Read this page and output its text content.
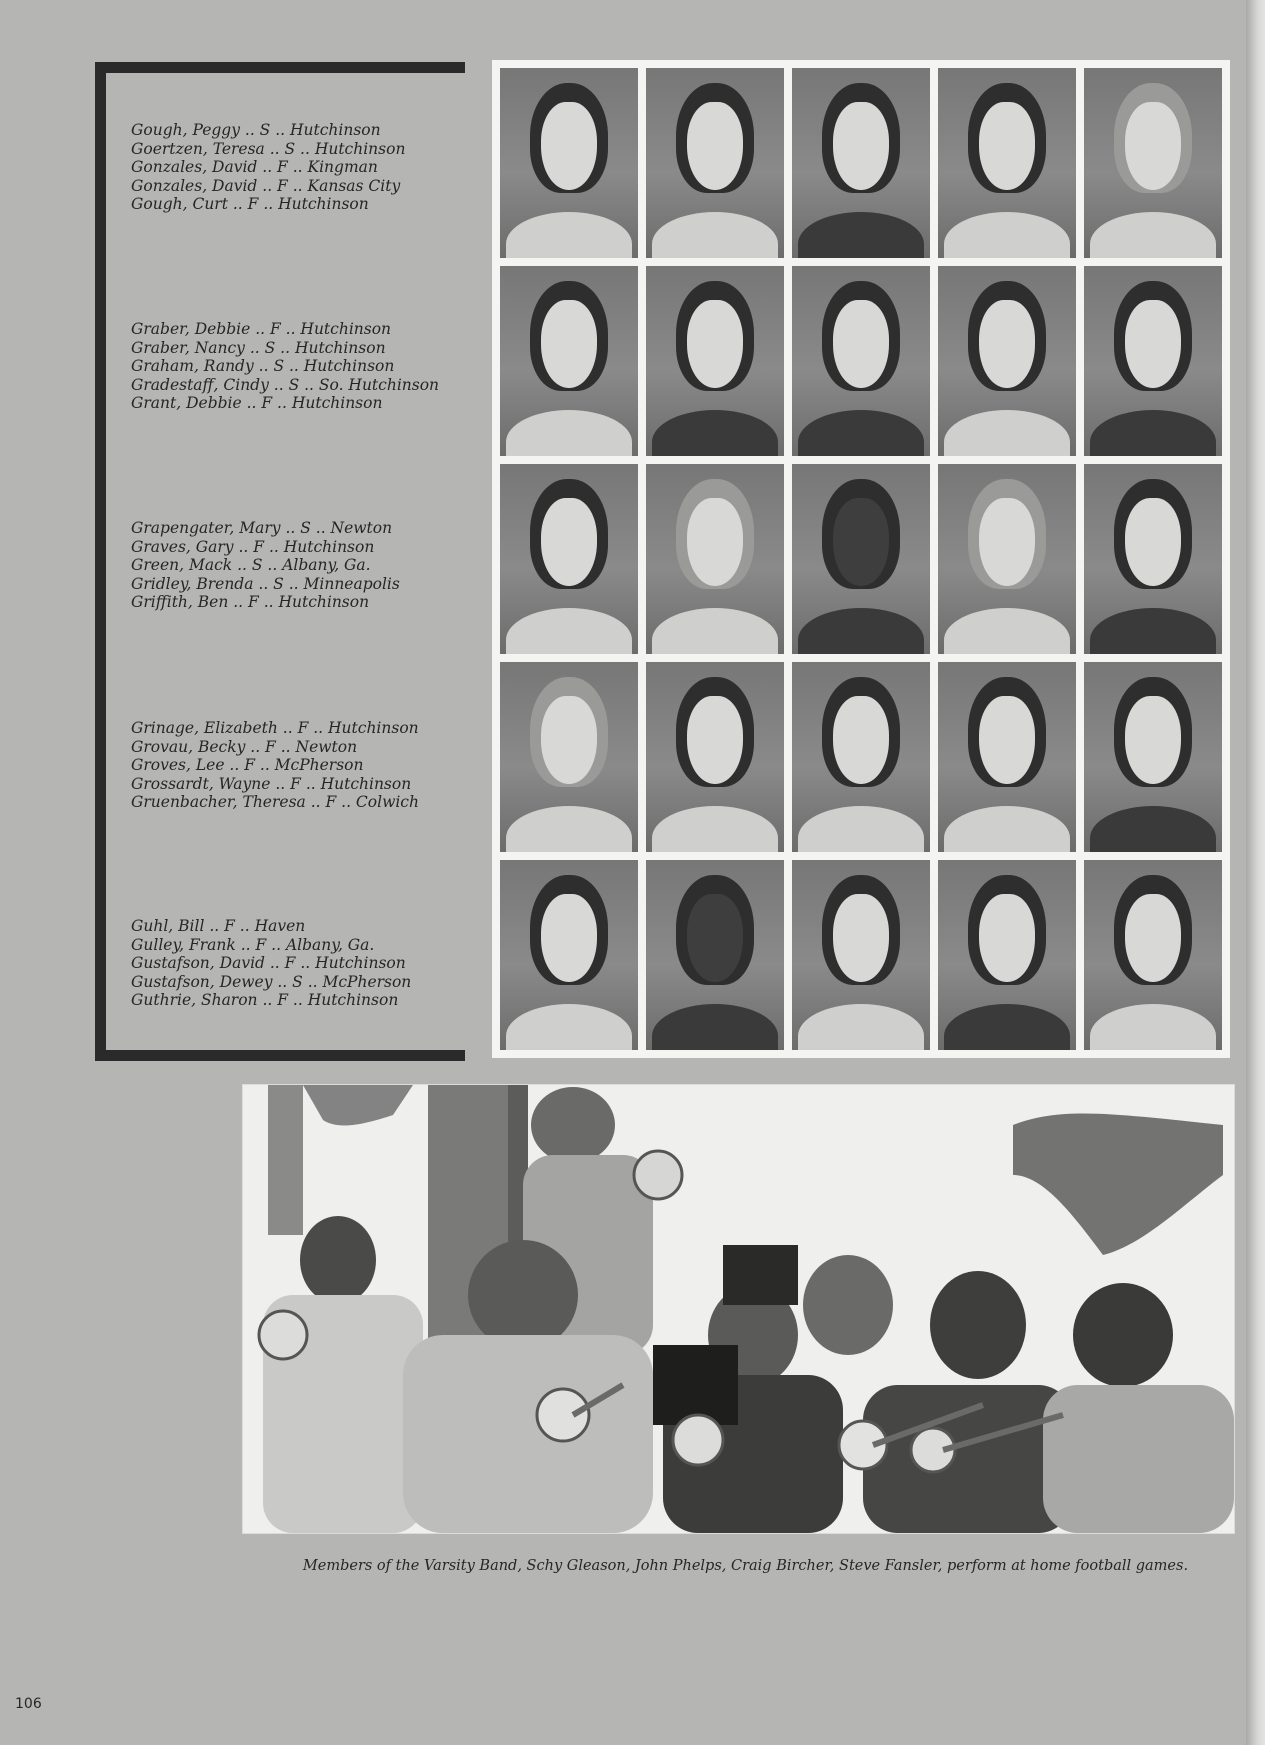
Gough, Peggy .. S .. Hutchinson
Goertzen, Teresa .. S .. Hutchinson
Gonzales, David .. F .. Kingman
Gonzales, David .. F .. Kansas City
Gough, Curt .. F .. Hutchinson
Graber, Debbie .. F .. Hutchinson
Graber, Nancy .. S .. Hutchinson
Graham, Randy .. S .. Hutchinson
Gradestaff, Cindy .. S .. So. Hutchinson
Grant, Debbie .. F .. Hutchinson
Grapengater, Mary .. S .. Newton
Graves, Gary .. F .. Hutchinson
Green, Mack .. S .. Albany, Ga.
Gridley, Brenda .. S .. Minneapolis
Griffith, Ben .. F .. Hutchinson
Grinage, Elizabeth .. F .. Hutchinson
Grovau, Becky .. F .. Newton
Groves, Lee .. F .. McPherson
Grossardt, Wayne .. F .. Hutchinson
Gruenbacher, Theresa .. F .. Colwich
Guhl, Bill .. F .. Haven
Gulley, Frank .. F .. Albany, Ga.
Gustafson, David .. F .. Hutchinson
Gustafson, Dewey .. S .. McPherson
Guthrie, Sharon .. F .. Hutchinson
Members of the Varsity Band, Schy Gleason, John Phelps, Craig Bircher, Steve Fansler, perform at home football games.
106
